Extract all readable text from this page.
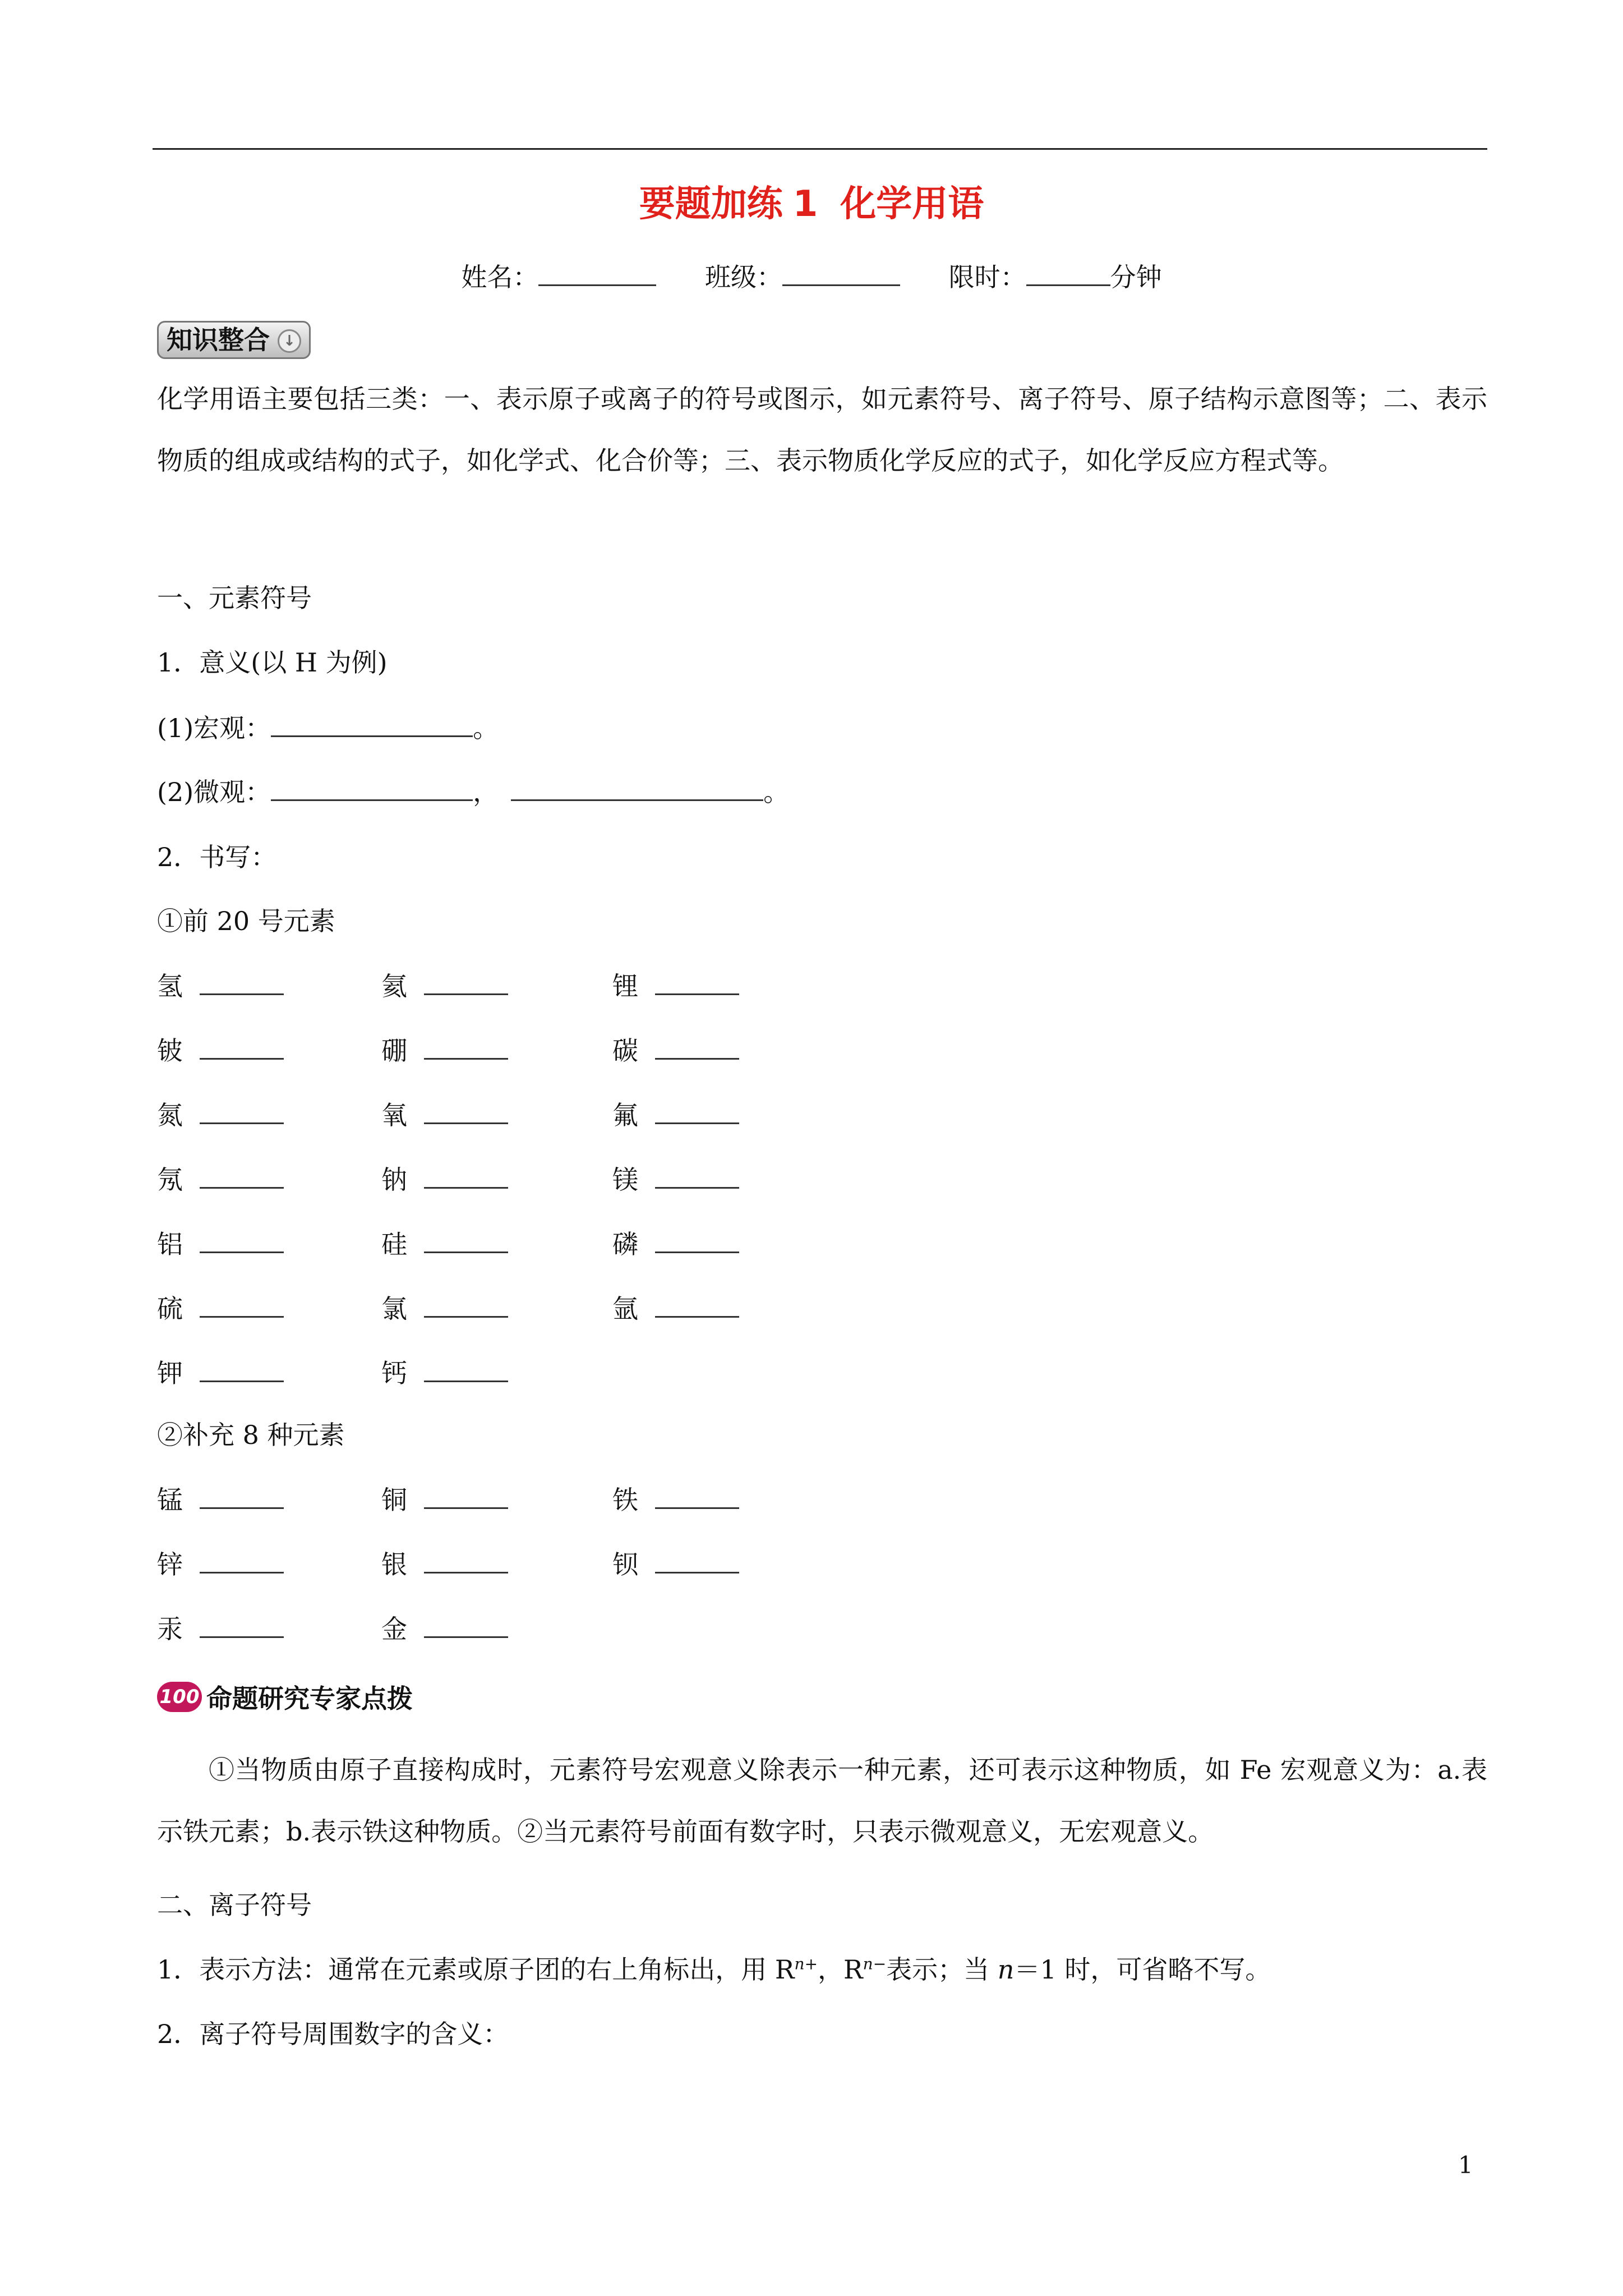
要题加练 1 化学用语
姓名：	班级：	限时：	分钟
知识整合 ↓
化学用语主要包括三类：一、表示原子或离子的符号或图示，如元素符号、离子符号、原子结构示意图等；二、表示物质的组成或结构的式子，如化学式、化合价等；三、表示物质化学反应的式子，如化学反应方程式等。
一、元素符号
1．意义(以 H 为例)
(1)宏观：	。
(2)微观：	，	。
2．书写：
①前 20 号元素
氢	氦	锂
铍	硼	碳
氮	氧	氟
氖	钠	镁
铝	硅	磷
硫	氯	氩
钾	钙
②补充 8 种元素
锰	铜	铁
锌	银	钡
汞	金
100 命题研究专家点拨
①当物质由原子直接构成时，元素符号宏观意义除表示一种元素，还可表示这种物质，如 Fe 宏观意义为：a.表示铁元素；b.表示铁这种物质。②当元素符号前面有数字时，只表示微观意义，无宏观意义。
二、离子符号
1．表示方法：通常在元素或原子团的右上角标出，用 $R^{n+}$，$R^{n-}$表示；当 n＝1 时，可省略不写。
2．离子符号周围数字的含义：
1
